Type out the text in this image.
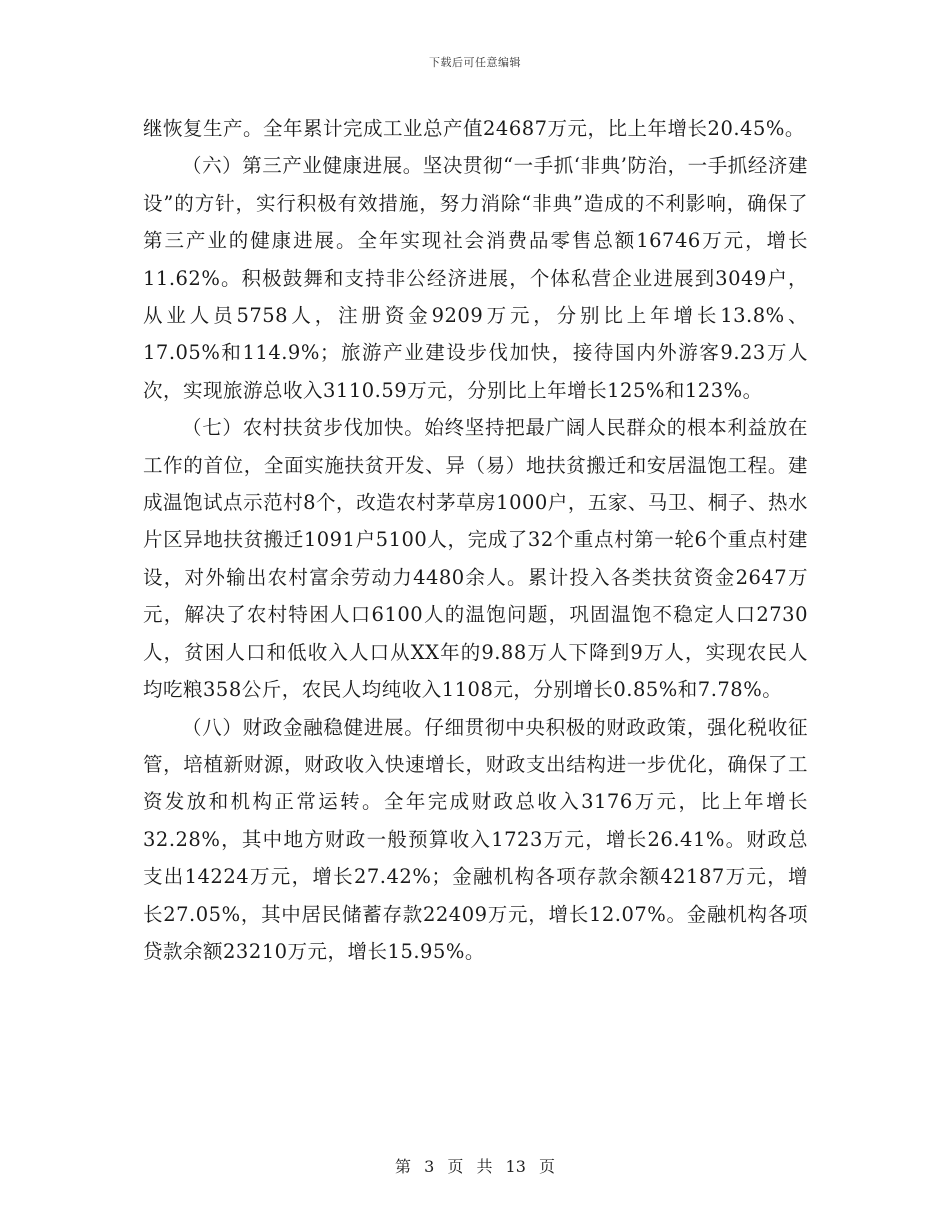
下载后可任意编辑

继恢复生产。全年累计完成工业总产值24687万元，比上年增长20.45%。

（六）第三产业健康进展。坚决贯彻“一手抓‘非典’防治，一手抓经济建设”的方针，实行积极有效措施，努力消除“非典”造成的不利影响，确保了第三产业的健康进展。全年实现社会消费品零售总额16746万元，增长11.62%。积极鼓舞和支持非公经济进展，个体私营企业进展到3049户，从业人员5758人，注册资金9209万元，分别比上年增长13.8%、17.05%和114.9%；旅游产业建设步伐加快，接待国内外游客9.23万人次，实现旅游总收入3110.59万元，分别比上年增长125%和123%。

（七）农村扶贫步伐加快。始终坚持把最广阔人民群众的根本利益放在工作的首位，全面实施扶贫开发、异（易）地扶贫搬迁和安居温饱工程。建成温饱试点示范村8个，改造农村茅草房1000户，五家、马卫、桐子、热水片区异地扶贫搬迁1091户5100人，完成了32个重点村第一轮6个重点村建设，对外输出农村富余劳动力4480余人。累计投入各类扶贫资金2647万元，解决了农村特困人口6100人的温饱问题，巩固温饱不稳定人口2730人，贫困人口和低收入人口从XX年的9.88万人下降到9万人，实现农民人均吃粮358公斤，农民人均纯收入1108元，分别增长0.85%和7.78%。

（八）财政金融稳健进展。仔细贯彻中央积极的财政政策，强化税收征管，培植新财源，财政收入快速增长，财政支出结构进一步优化，确保了工资发放和机构正常运转。全年完成财政总收入3176万元，比上年增长32.28%，其中地方财政一般预算收入1723万元，增长26.41%。财政总支出14224万元，增长27.42%；金融机构各项存款余额42187万元，增长27.05%，其中居民储蓄存款22409万元，增长12.07%。金融机构各项贷款余额23210万元，增长15.95%。

第 3 页 共 13 页
